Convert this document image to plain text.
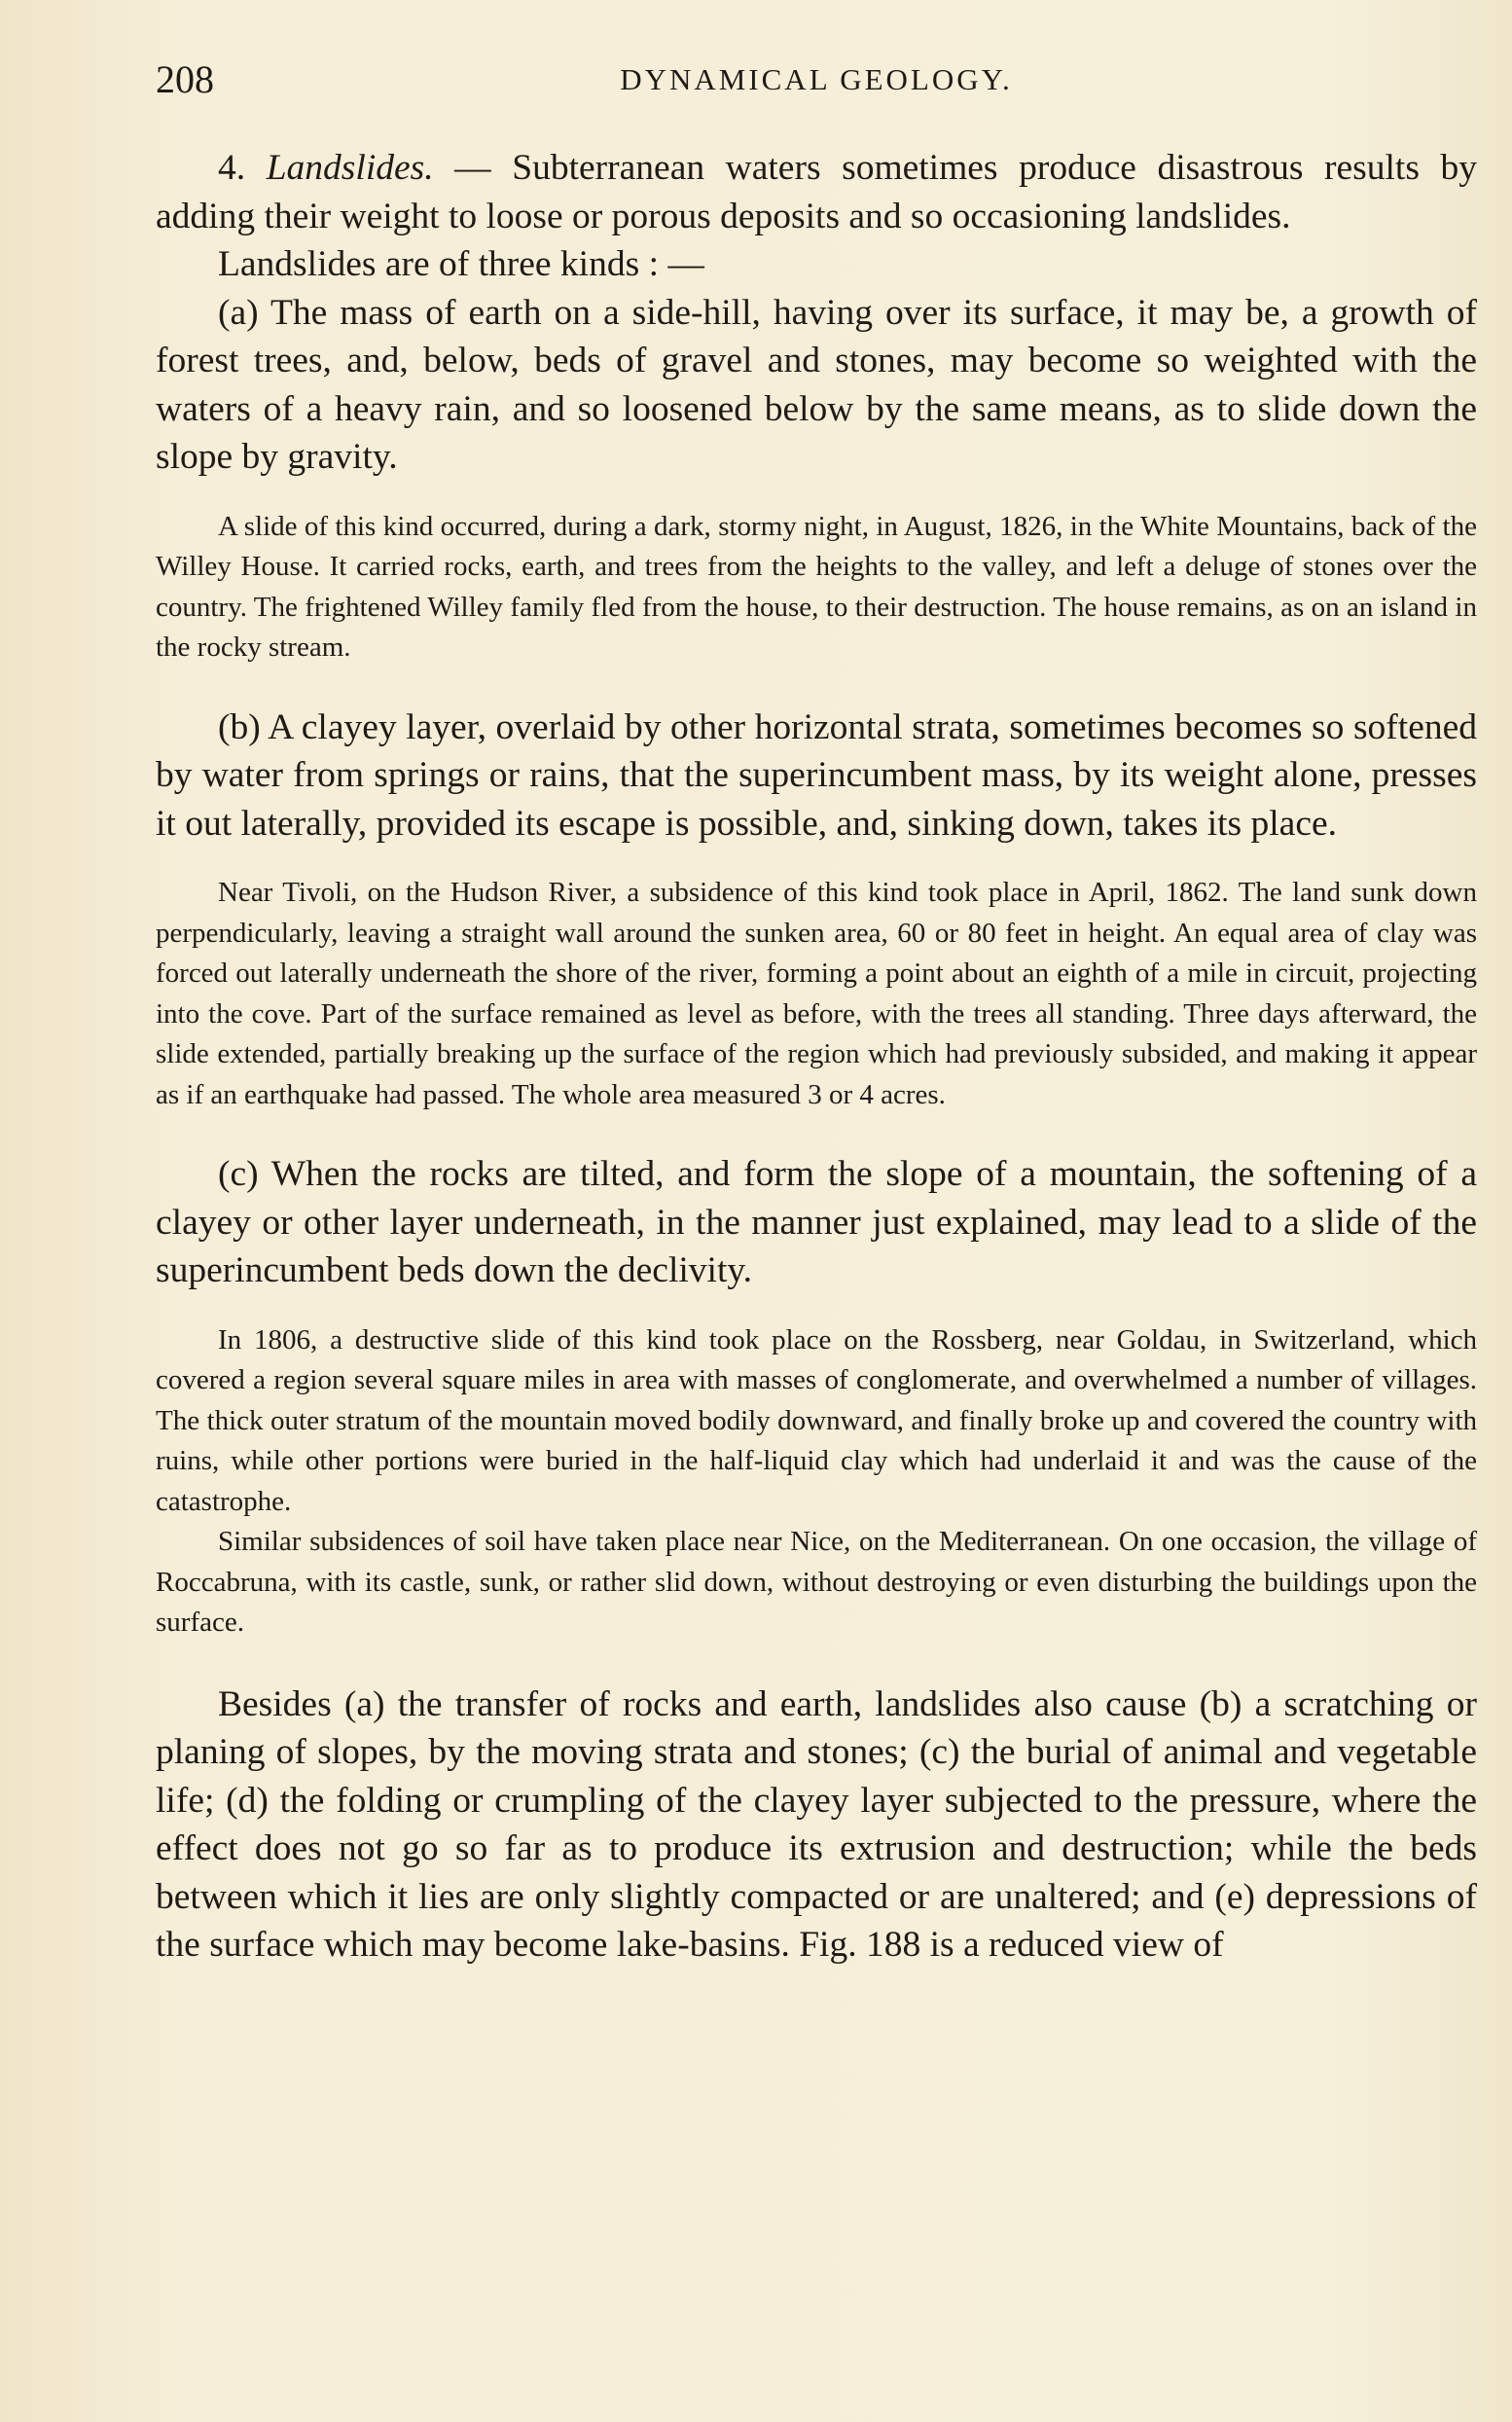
208	DYNAMICAL GEOLOGY.

4. Landslides. — Subterranean waters sometimes produce disastrous results by adding their weight to loose or porous deposits and so occasioning landslides.

Landslides are of three kinds : —

(a) The mass of earth on a side-hill, having over its surface, it may be, a growth of forest trees, and, below, beds of gravel and stones, may become so weighted with the waters of a heavy rain, and so loosened below by the same means, as to slide down the slope by gravity.

A slide of this kind occurred, during a dark, stormy night, in August, 1826, in the White Mountains, back of the Willey House. It carried rocks, earth, and trees from the heights to the valley, and left a deluge of stones over the country. The frightened Willey family fled from the house, to their destruction. The house remains, as on an island in the rocky stream.

(b) A clayey layer, overlaid by other horizontal strata, sometimes becomes so softened by water from springs or rains, that the superincumbent mass, by its weight alone, presses it out laterally, provided its escape is possible, and, sinking down, takes its place.

Near Tivoli, on the Hudson River, a subsidence of this kind took place in April, 1862. The land sunk down perpendicularly, leaving a straight wall around the sunken area, 60 or 80 feet in height. An equal area of clay was forced out laterally underneath the shore of the river, forming a point about an eighth of a mile in circuit, projecting into the cove. Part of the surface remained as level as before, with the trees all standing. Three days afterward, the slide extended, partially breaking up the surface of the region which had previously subsided, and making it appear as if an earthquake had passed. The whole area measured 3 or 4 acres.

(c) When the rocks are tilted, and form the slope of a mountain, the softening of a clayey or other layer underneath, in the manner just explained, may lead to a slide of the superincumbent beds down the declivity.

In 1806, a destructive slide of this kind took place on the Rossberg, near Goldau, in Switzerland, which covered a region several square miles in area with masses of conglomerate, and overwhelmed a number of villages. The thick outer stratum of the mountain moved bodily downward, and finally broke up and covered the country with ruins, while other portions were buried in the half-liquid clay which had underlaid it and was the cause of the catastrophe.

Similar subsidences of soil have taken place near Nice, on the Mediterranean. On one occasion, the village of Roccabruna, with its castle, sunk, or rather slid down, without destroying or even disturbing the buildings upon the surface.

Besides (a) the transfer of rocks and earth, landslides also cause (b) a scratching or planing of slopes, by the moving strata and stones; (c) the burial of animal and vegetable life; (d) the folding or crumpling of the clayey layer subjected to the pressure, where the effect does not go so far as to produce its extrusion and destruction; while the beds between which it lies are only slightly compacted or are unaltered; and (e) depressions of the surface which may become lake-basins. Fig. 188 is a reduced view of
